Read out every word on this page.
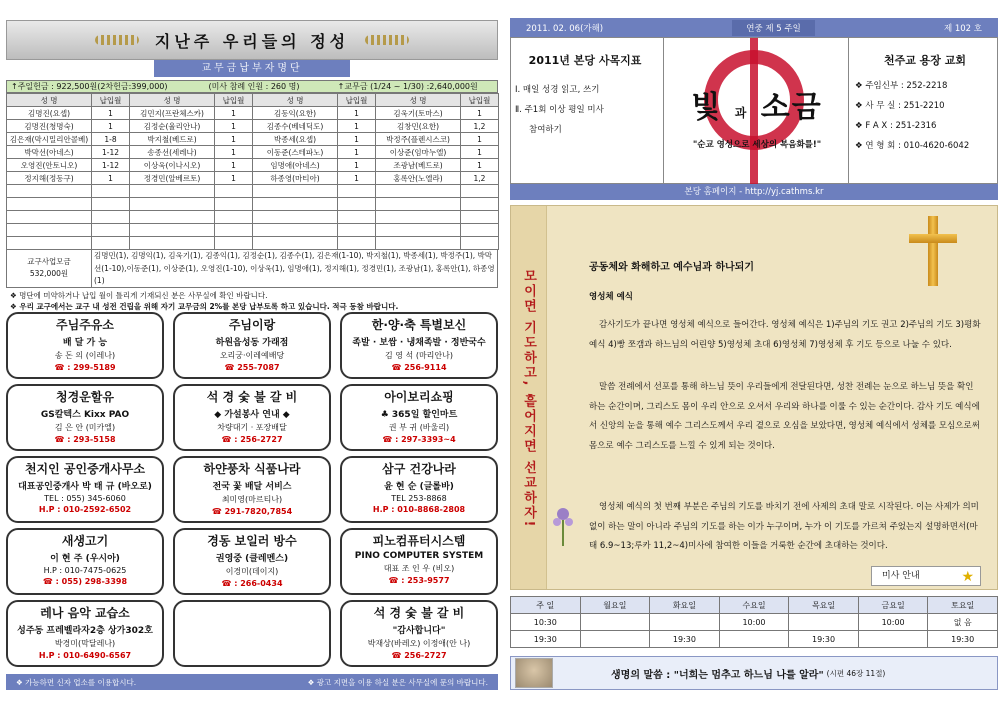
지난주 우리들의 정성
교무금납부자명단
↑주일헌금 : 922,500원(2차헌금:399,000)	(미사 참례 인원 : 260 명)	↑교무금 (1/24 ~ 1/30) :2,640,000원
성 명	납입월	성 명	납입월	성 명	납입월	성 명	납입월
김명진(요셉)	1	김민지(프란체스카)	1	김동익(요한)	1	김욱기(토마스)	1
김명진(청명숙)	1	김정순(율리안나)	1	김종수(베네딕도)	1	김창민(요한)	1,2
김은재(막시밀리안콜베)	1-8	박지철(베드로)	1	박종세(요셉)	1	박정주(플렌시스코)	1
박막선(아네스)	1-12	송종선(세레나)	1	이동준(스테파노)	1	이상준(임마누엘)	1
오영진(안토니오)	1-12	이상욱(이나시오)	1	임명애(아네스)	1	조광남(베드로)	1
정지해(정동구)	1	정경민(알베르토)	1	하종영(마티아)	1	홍록안(노엘라)	1,2

교구사업모금
532,000원
김명민(1), 김명익(1), 김욱기(1), 김종익(1), 김정순(1), 김종수(1), 김은재(1-10), 박지철(1), 박종세(1), 박정주(1), 박막선(1-10),이동준(1), 이상준(1), 오영진(1-10), 이상욱(1), 임명애(1), 정지해(1), 정경민(1), 조광남(1), 홍록안(1), 하종영(1)
❖ 명단에 미약하거나 납입 월이 틀리게 기재되신 분은 사무실에 확인 바랍니다.
❖ 우리 교구에서는 교구 내 성전 건립을 위해 자기 교무금의 2%를 본당 납부토록 하고 있습니다. 적극 동참 바랍니다.
주님주유소
배 달 가 능
송 돈 의 (이레나)
☎ : 299-5189
주님이랑
하원읍성동 가래점
오리궁·이레예배당
☎ 255-7087
한·양·축 특별보신
족발 · 보쌈 · 냉채족발 · 정반국수
김 영 석 (마리안나)
☎ 256-9114
청경운할유
GS칼텍스 Kixx PAO
김 은 안 (미카엘)
☎ : 293-5158
석 경 숯 불 갈 비
◆ 가설봉사 연내 ◆
차량대기 · 포장배달
☎ : 256-2727
아이보리쇼핑
♣ 365일 할인마트
권 부 귀 (바울리)
☎ : 297-3393~4
천지인 공인중개사무소
대표공인중개사 박 태 규 (바오로)
TEL : 055) 345-6060
H.P : 010-2592-6502
하얀풍차 식품나라
전국 꽃 배달 서비스
최미영(마르티나)
☎ 291-7820,7854
삼구 건강나라
윤 현 순 (글롤바)
TEL 253-8868
H.P : 010-8868-2808
새생고기
이 현 주 (우시아)
H.P : 010-7475-0625
☎ : 055) 298-3398
경동 보일러 방수
권영중 (클레멘스)
이경미(데이지)
☎ : 266-0434
피노컴퓨터시스템
PINO COMPUTER SYSTEM
대표 조 인 우 (비오)
☎ : 253-9577
레나 음악 교습소
성주동 프레벨라자2층 상가302호
박경미(막달레나)
H.P : 010-6490-6567
석 경 숯 불 갈 비
"감사합니다"
박재상(바레오) 이정애(안 나)
☎ 256-2727
❖ 가능하면 신자 업소를 이용합시다.	❖ 광고 지면을 이용 하실 분은 사무실에 문의 바랍니다.
2011. 02. 06(가해)	연중 제 5 주일	제 102 호
2011년 본당 사목지표
Ⅰ. 매일 성경 읽고, 쓰기
Ⅱ. 주1회 이상 평일 미사
참여하기
빛 과 소금
"순교 영성으로 세상의 복음화를!"
천주교 용장 교회
❖ 주임신부 : 252-2218
❖ 사 무 실 : 251-2210
❖ F A X : 251-2316
❖ 연 형 회 : 010-4620-6042
본당 홈페이지 - http://yj.cathms.kr
모이면 기도하고, 흩어지면 선교하자!
공동체와 화해하고 예수님과 하나되기
영성체 예식
감사기도가 끝나면 영성체 예식으로 들어간다. 영성체 예식은 1)주님의 기도 권고 2)주님의 기도 3)평화예식 4)빵 쪼갬과 하느님의 어린양 5)영성체 초대 6)영성체 7)영성체 후 기도 등으로 나눌 수 있다.
말씀 전례에서 선포를 통해 하느님 뜻이 우리들에게 전달된다면, 성찬 전례는 눈으로 하느님 뜻을 확인하는 순간이며, 그리스도 몸이 우리 안으로 오셔서 우리와 하나를 이룰 수 있는 순간이다. 감사 기도 예식에서 신앙의 눈을 통해 예수 그리스도께서 우리 곁으로 오심을 보았다면, 영성체 예식에서 성체를 모심으로써 몸으로 예수 그리스도를 느낄 수 있게 되는 것이다.
영성체 예식의 첫 번째 부분은 주님의 기도를 바치기 전에 사제의 초대 말로 시작된다. 이는 사제가 의미 없이 하는 말이 아니라 주님의 기도를 하는 이가 누구이며, 누가 이 기도를 가르쳐 주었는지 설명하면서(마태 6.9~13;루카 11,2~4)미사에 참여한 이들을 거룩한 순간에 초대하는 것이다.
미사 안내	★
주 일	월요일	화요일	수요일	목요일	금요일	토요일
10:30			10:00		10:00	없 음
19:30		19:30		19:30		19:30
생명의 말씀 : "너희는 멈추고 하느님 나를 알라" (시편 46장 11절)
